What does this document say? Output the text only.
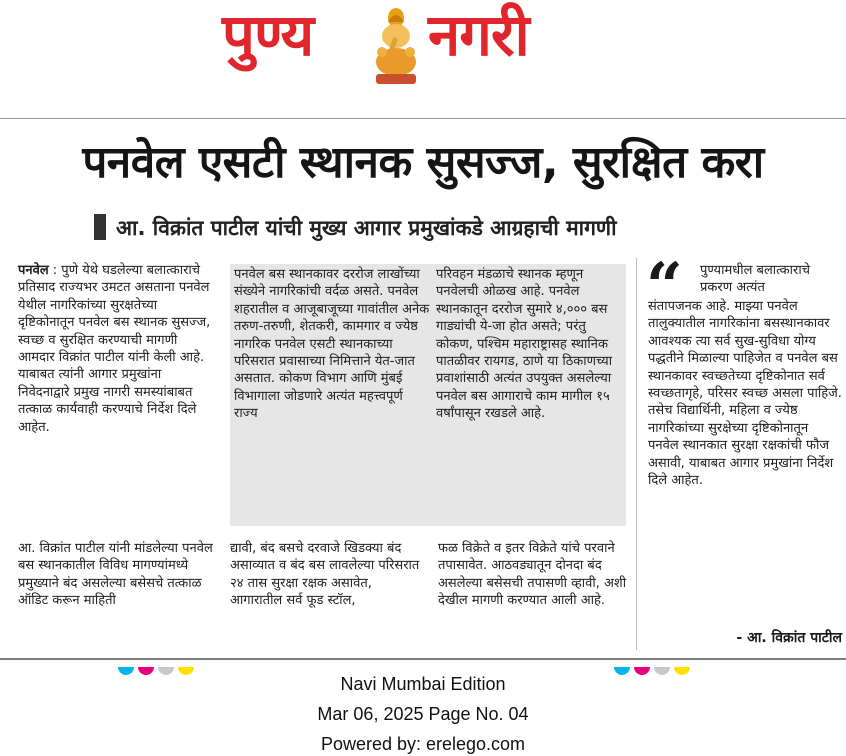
पुण्य नगरी
पनवेल एसटी स्थानक सुसज्ज, सुरक्षित करा
आ. विक्रांत पाटील यांची मुख्य आगार प्रमुखांकडे आग्रहाची मागणी

पनवेल : पुणे येथे घडलेल्या बलात्काराचे प्रतिसाद राज्यभर उमटत असताना पनवेल येथील नागरिकांच्या सुरक्षतेच्या दृष्टिकोनातून पनवेल बस स्थानक सुसज्ज, स्वच्छ व सुरक्षित करण्याची मागणी आमदार विक्रांत पाटील यांनी केली आहे. याबाबत त्यांनी आगार प्रमुखांना निवेदनाद्वारे प्रमुख नागरी समस्यांबाबत तत्काळ कार्यवाही करण्याचे निर्देश दिले आहेत.

आ. विक्रांत पाटील यांनी मांडलेल्या पनवेल बस स्थानकातील विविध मागण्यांमध्ये प्रमुख्याने बंद असलेल्या बसेसचे तत्काळ ऑडिट करून माहिती

पनवेल बस स्थानकावर दररोज लाखोंच्या संख्येने नागरिकांची वर्दळ असते. पनवेल शहरातील व आजूबाजूच्या गावांतील अनेक तरुण-तरुणी, शेतकरी, कामगार व ज्येष्ठ नागरिक पनवेल एसटी स्थानकाच्या परिसरात प्रवासाच्या निमित्ताने येत-जात असतात. कोकण विभाग आणि मुंबई विभागाला जोडणारे अत्यंत महत्त्वपूर्ण राज्य

परिवहन मंडळाचे स्थानक म्हणून पनवेलची ओळख आहे. पनवेल स्थानकातून दररोज सुमारे ४,००० बस गाड्यांची ये-जा होत असते; परंतु कोकण, पश्चिम महाराष्ट्रासह स्थानिक पातळीवर रायगड, ठाणे या ठिकाणच्या प्रवाशांसाठी अत्यंत उपयुक्त असलेल्या पनवेल बस आगाराचे काम मागील १५ वर्षांपासून रखडले आहे.

द्यावी, बंद बसचे दरवाजे खिडक्या बंद असाव्यात व बंद बस लावलेल्या परिसरात २४ तास सुरक्षा रक्षक असावेत, आगारातील सर्व फूड स्टॉल,

फळ विक्रेते व इतर विक्रेते यांचे परवाने तपासावेत. आठवड्यातून दोनदा बंद असलेल्या बसेसची तपासणी व्हावी, अशी देखील मागणी करण्यात आली आहे.

“ पुण्यामधील बलात्काराचे प्रकरण अत्यंत

संतापजनक आहे. माझ्या पनवेल तालुक्यातील नागरिकांना बसस्थानकावर आवश्यक त्या सर्व सुख-सुविधा योग्य पद्धतीने मिळाल्या पाहिजेत व पनवेल बस स्थानकावर स्वच्छतेच्या दृष्टिकोनात सर्व स्वच्छतागृहे, परिसर स्वच्छ असला पाहिजे. तसेच विद्यार्थिनी, महिला व ज्येष्ठ नागरिकांच्या सुरक्षेच्या दृष्टिकोनातून पनवेल स्थानकात सुरक्षा रक्षकांची फौज असावी, याबाबत आगार प्रमुखांना निर्देश दिले आहेत.

- आ. विक्रांत पाटील
Navi Mumbai Edition
Mar 06, 2025 Page No. 04
Powered by: erelego.com
